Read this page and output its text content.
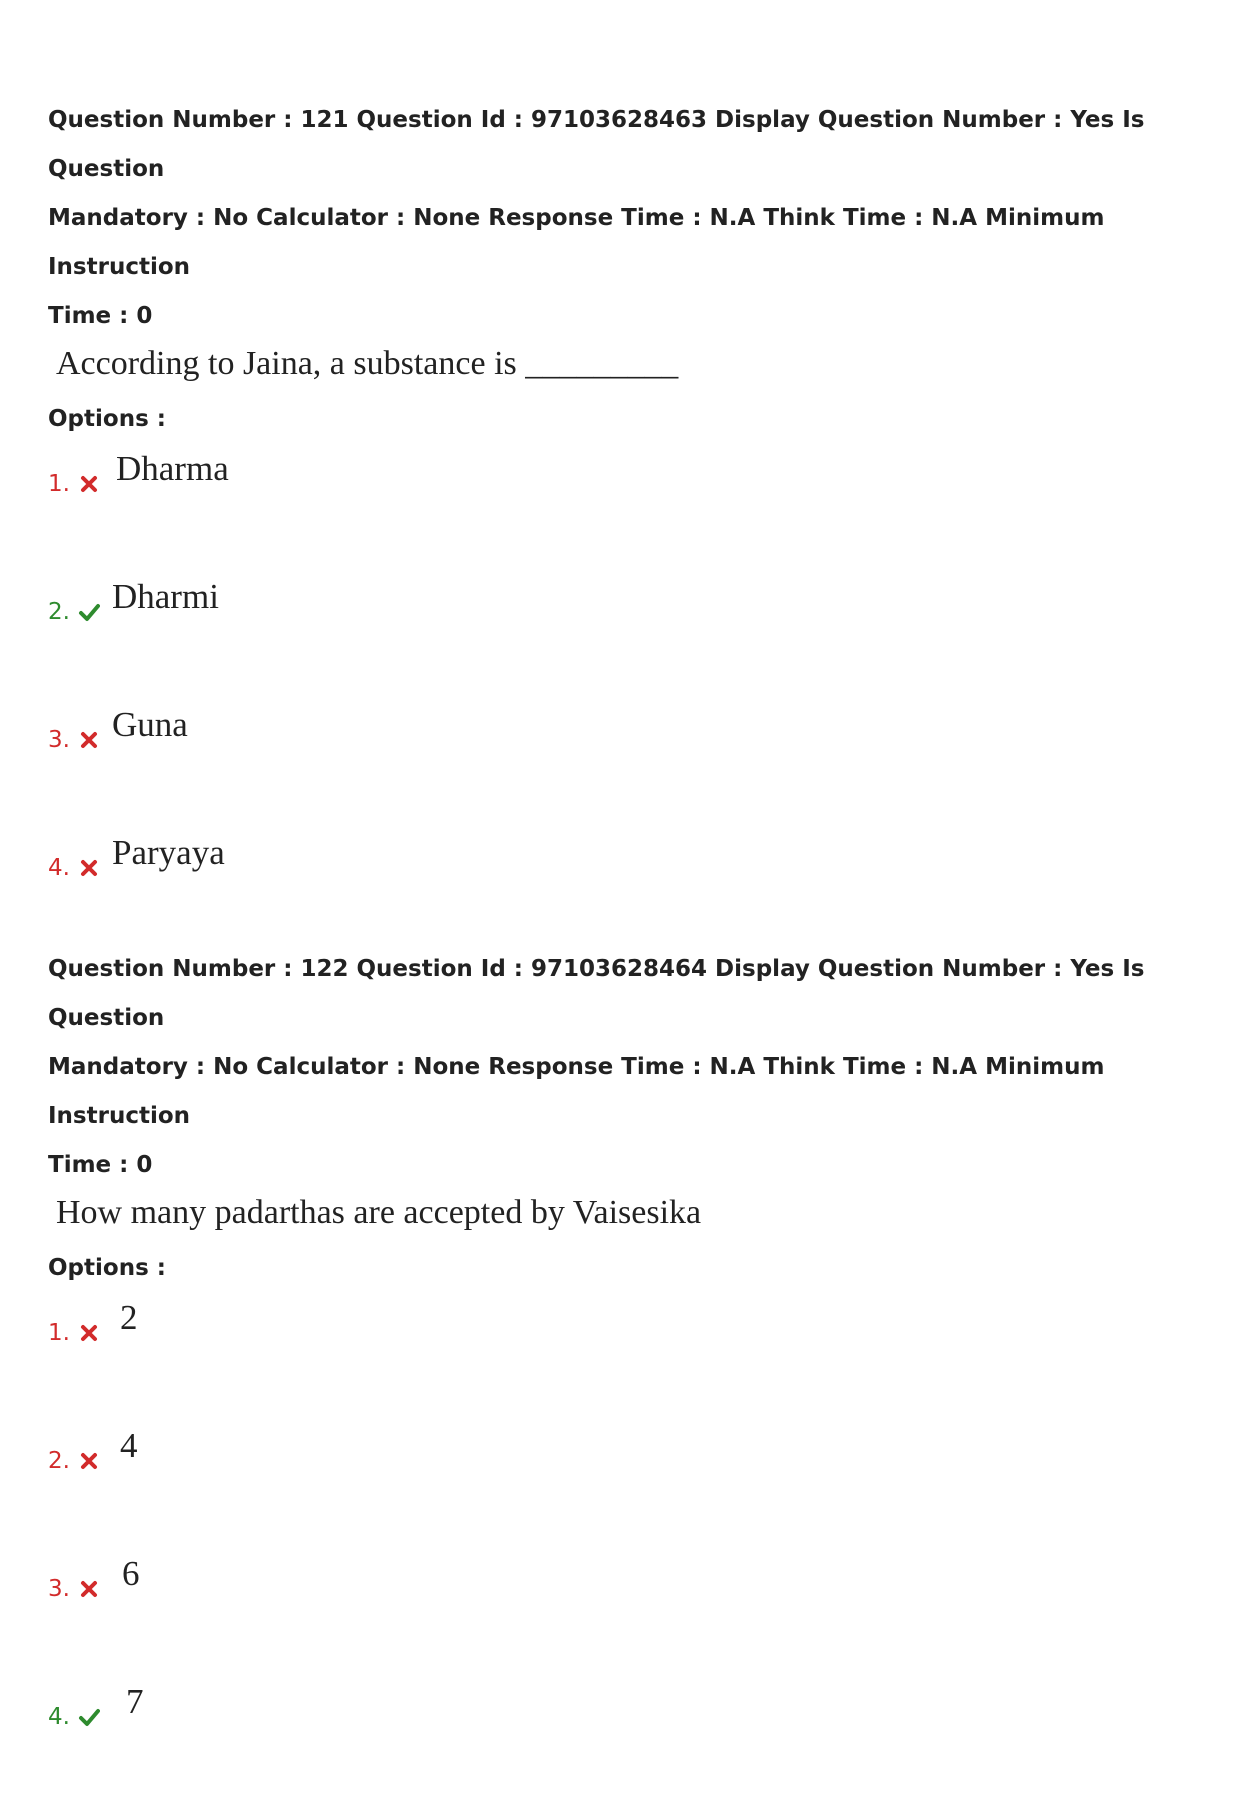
Question Number : 121 Question Id : 97103628463 Display Question Number : Yes Is Question

Mandatory : No Calculator : None Response Time : N.A Think Time : N.A Minimum Instruction

Time : 0

According to Jaina, a substance is _________

Options :

1. Dharma
2. Dharmi
3. Guna
4. Paryaya

Question Number : 122 Question Id : 97103628464 Display Question Number : Yes Is Question

Mandatory : No Calculator : None Response Time : N.A Think Time : N.A Minimum Instruction

Time : 0

How many padarthas are accepted by Vaisesika

Options :

1. 2
2. 4
3. 6
4. 7
